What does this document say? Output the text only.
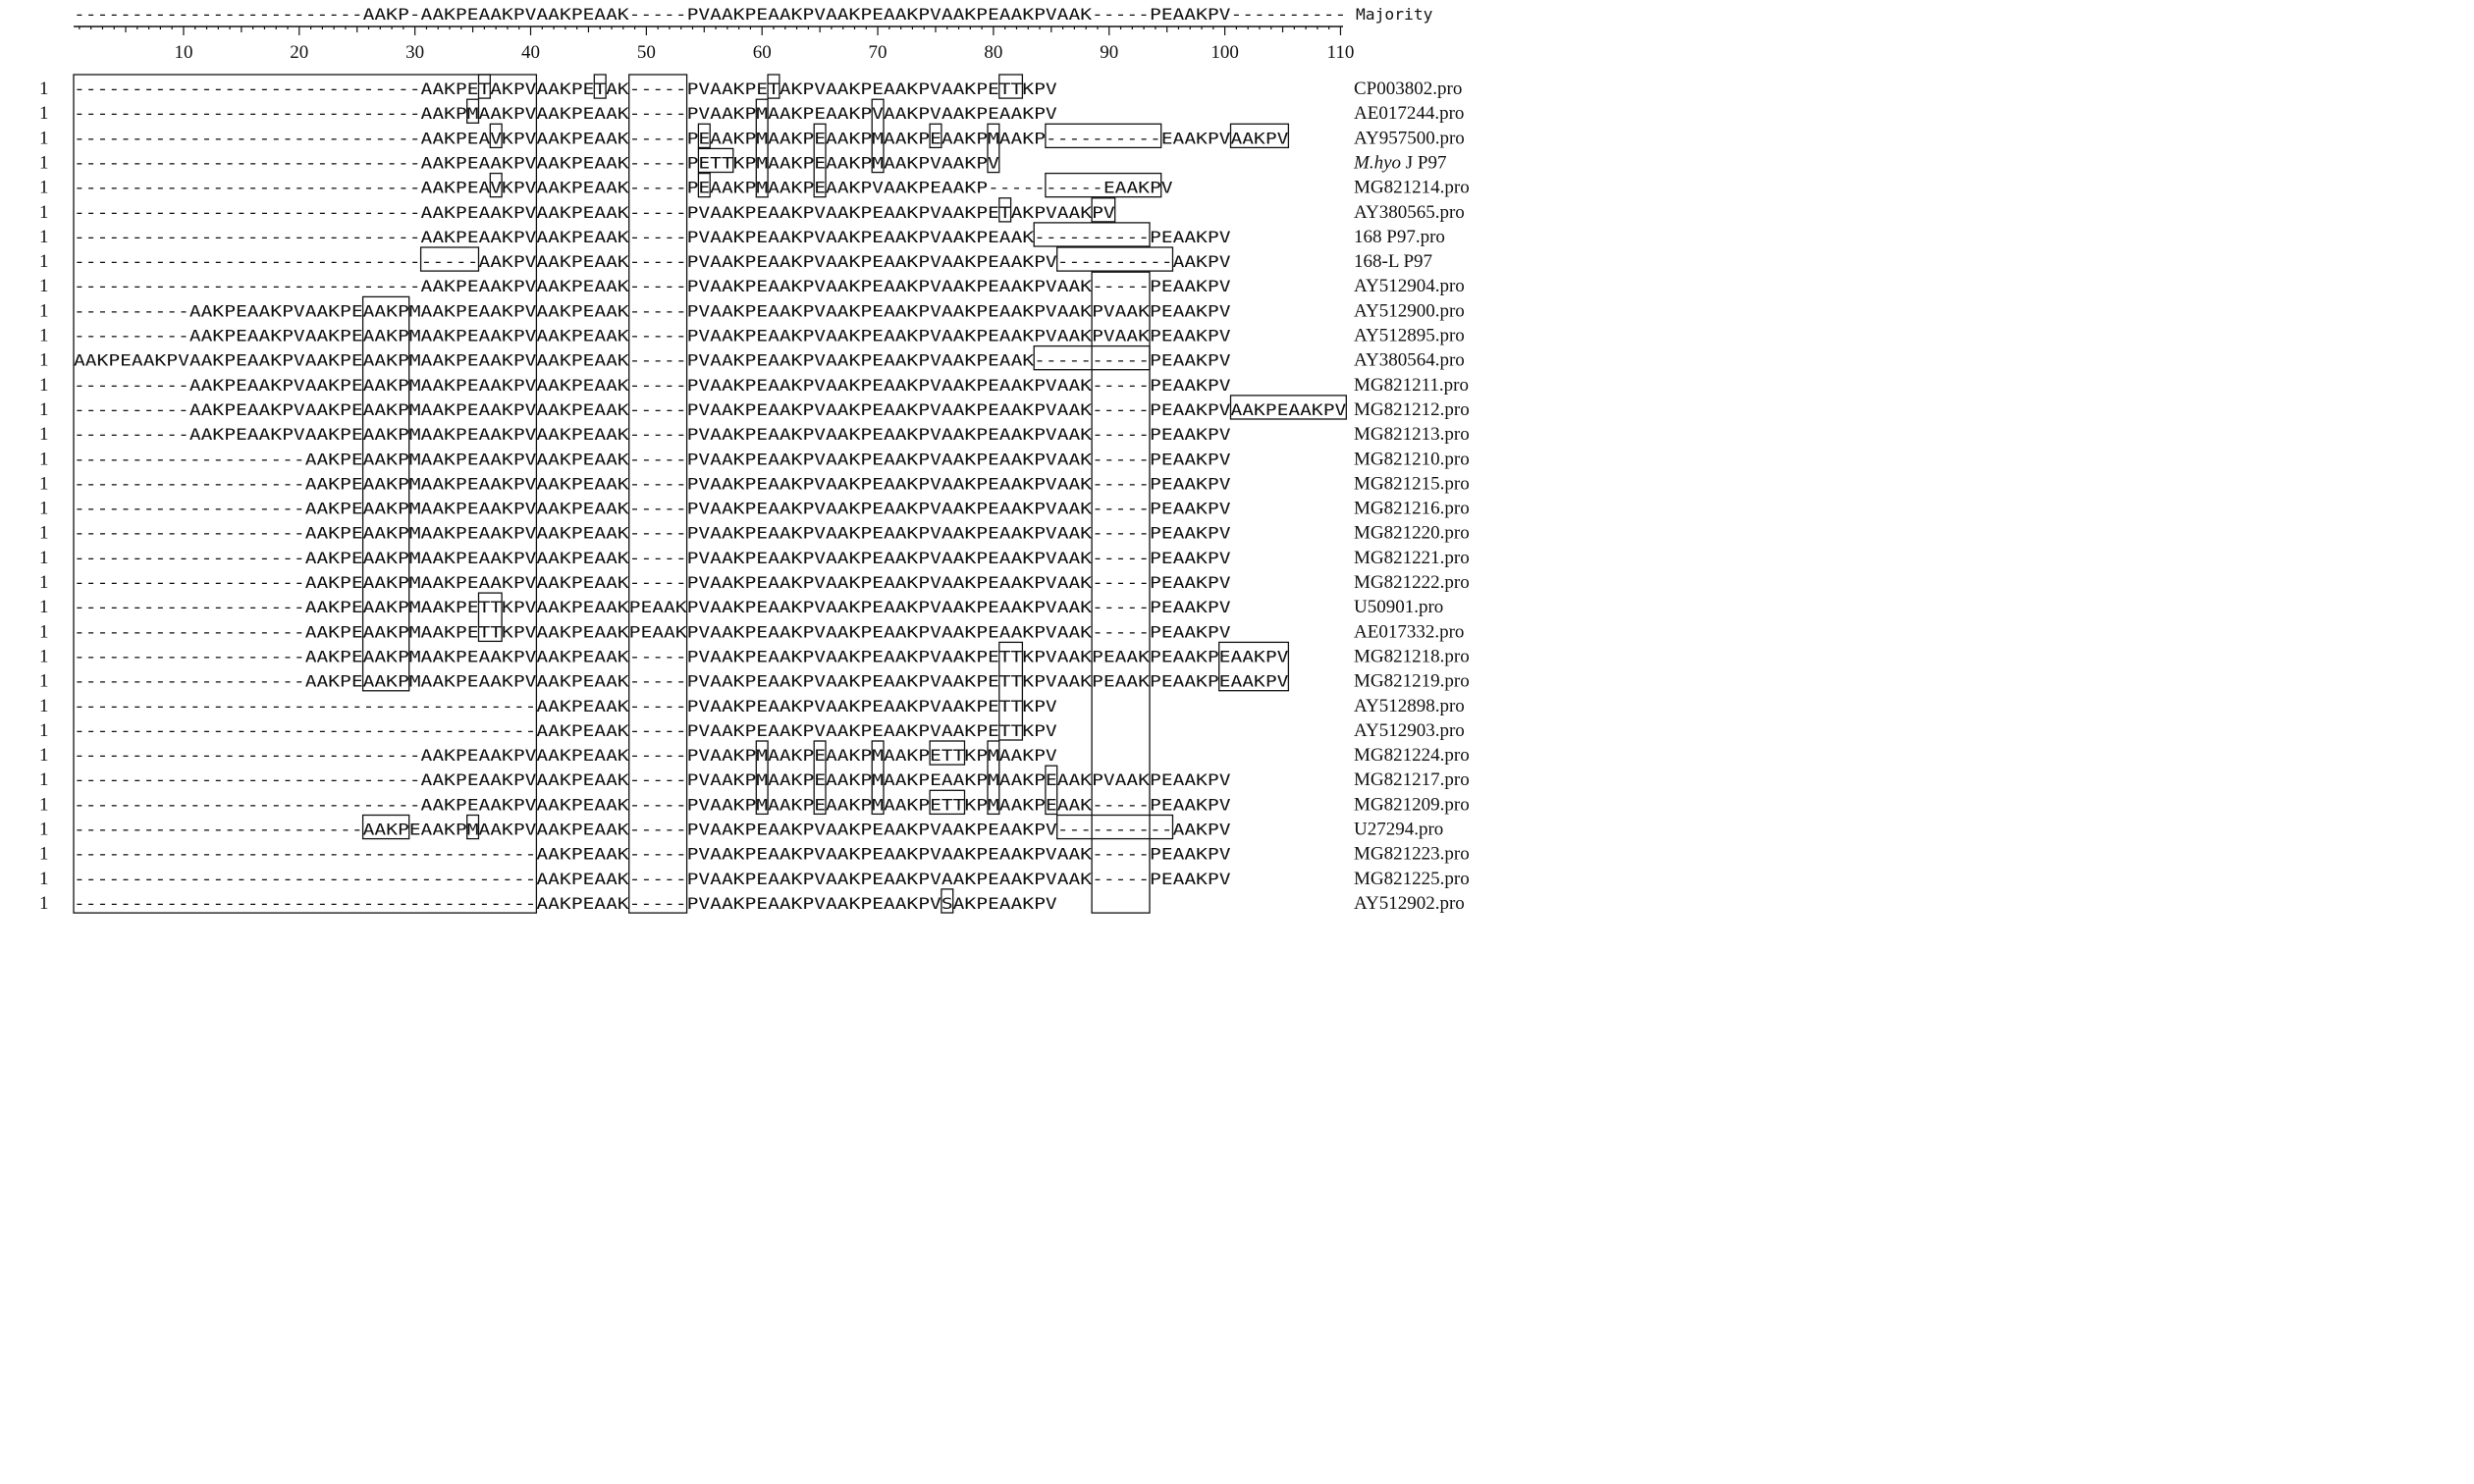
-------------------------AAKP-AAKPEAAKPVAAKPEAAK-----PVAAKPEAAKPVAAKPEAAKPVAAKPEAAKPVAAK-----PEAAKPV---------- Majority
10	20	30	40	50	60	70	80	90	100	110
1 ------------------------------AAKPETAKPVAAKPETAK-----PVAAKPETAKPVAAKPEAAKPVAAKPETTKPV	CP003802.pro
1 ------------------------------AAKPMAAKPVAAKPEAAK-----PVAAKPMAAKPEAAKPVAAKPVAAKPEAAKPV	AE017244.pro
1 ------------------------------AAKPEAVKPVAAKPEAAK-----PEAAKPMAAKPEAAKPMAAKPEAAKPMAAKP----------EAAKPVAAKPV	AY957500.pro
1 ------------------------------AAKPEAAKPVAAKPEAAK-----PETTKPMAAKPEAAKPMAAKPVAAKPV	M.hyo J P97
1 ------------------------------AAKPEAVKPVAAKPEAAK-----PEAAKPMAAKPEAAKPVAAKPEAAKP----------EAAKPV	MG821214.pro
1 ------------------------------AAKPEAAKPVAAKPEAAK-----PVAAKPEAAKPVAAKPEAAKPVAAKPETAKPVAAKPV	AY380565.pro
1 ------------------------------AAKPEAAKPVAAKPEAAK-----PVAAKPEAAKPVAAKPEAAKPVAAKPEAAK----------PEAAKPV	168 P97.pro
1 -----------------------------------AAKPVAAKPEAAK-----PVAAKPEAAKPVAAKPEAAKPVAAKPEAAKPV----------AAKPV	168-L P97
1 ------------------------------AAKPEAAKPVAAKPEAAK-----PVAAKPEAAKPVAAKPEAAKPVAAKPEAAKPVAAK-----PEAAKPV	AY512904.pro
1 ----------AAKPEAAKPVAAKPEAAKPMAAKPEAAKPVAAKPEAAK-----PVAAKPEAAKPVAAKPEAAKPVAAKPEAAKPVAAKPVAAKPEAAKPV	AY512900.pro
1 ----------AAKPEAAKPVAAKPEAAKPMAAKPEAAKPVAAKPEAAK-----PVAAKPEAAKPVAAKPEAAKPVAAKPEAAKPVAAKPVAAKPEAAKPV	AY512895.pro
1 AAKPEAAKPVAAKPEAAKPVAAKPEAAKPMAAKPEAAKPVAAKPEAAK-----PVAAKPEAAKPVAAKPEAAKPVAAKPEAAK----------PEAAKPV	AY380564.pro
1 ----------AAKPEAAKPVAAKPEAAKPMAAKPEAAKPVAAKPEAAK-----PVAAKPEAAKPVAAKPEAAKPVAAKPEAAKPVAAK-----PEAAKPV	MG821211.pro
1 ----------AAKPEAAKPVAAKPEAAKPMAAKPEAAKPVAAKPEAAK-----PVAAKPEAAKPVAAKPEAAKPVAAKPEAAKPVAAK-----PEAAKPVAAKPEAAKPV MG821212.pro
1 ----------AAKPEAAKPVAAKPEAAKPMAAKPEAAKPVAAKPEAAK-----PVAAKPEAAKPVAAKPEAAKPVAAKPEAAKPVAAK-----PEAAKPV	MG821213.pro
1 --------------------AAKPEAAKPMAAKPEAAKPVAAKPEAAK-----PVAAKPEAAKPVAAKPEAAKPVAAKPEAAKPVAAK-----PEAAKPV	MG821210.pro
1 --------------------AAKPEAAKPMAAKPEAAKPVAAKPEAAK-----PVAAKPEAAKPVAAKPEAAKPVAAKPEAAKPVAAK-----PEAAKPV	MG821215.pro
1 --------------------AAKPEAAKPMAAKPEAAKPVAAKPEAAK-----PVAAKPEAAKPVAAKPEAAKPVAAKPEAAKPVAAK-----PEAAKPV	MG821216.pro
1 --------------------AAKPEAAKPMAAKPEAAKPVAAKPEAAK-----PVAAKPEAAKPVAAKPEAAKPVAAKPEAAKPVAAK-----PEAAKPV	MG821220.pro
1 --------------------AAKPEAAKPMAAKPEAAKPVAAKPEAAK-----PVAAKPEAAKPVAAKPEAAKPVAAKPEAAKPVAAK-----PEAAKPV	MG821221.pro
1 --------------------AAKPEAAKPMAAKPEAAKPVAAKPEAAK-----PVAAKPEAAKPVAAKPEAAKPVAAKPEAAKPVAAK-----PEAAKPV	MG821222.pro
1 --------------------AAKPEAAKPMAAKPETTKPVAAKPEAAKPEAAKPVAAKPEAAKPVAAKPEAAKPVAAKPEAAKPVAAK-----PEAAKPV	U50901.pro
1 --------------------AAKPEAAKPMAAKPETTKPVAAKPEAAKPEAAKPVAAKPEAAKPVAAKPEAAKPVAAKPEAAKPVAAK-----PEAAKPV	AE017332.pro
1 --------------------AAKPEAAKPMAAKPEAAKPVAAKPEAAK-----PVAAKPEAAKPVAAKPEAAKPVAAKPETTKPVAAKPEAAKPEAAKPEAAKPV	MG821218.pro
1 --------------------AAKPEAAKPMAAKPEAAKPVAAKPEAAK-----PVAAKPEAAKPVAAKPEAAKPVAAKPETTKPVAAKPEAAKPEAAKPEAAKPV	MG821219.pro
1 ----------------------------------------AAKPEAAK-----PVAAKPEAAKPVAAKPEAAKPVAAKPETTKPV	AY512898.pro
1 ----------------------------------------AAKPEAAK-----PVAAKPEAAKPVAAKPEAAKPVAAKPETTKPV	AY512903.pro
1 ------------------------------AAKPEAAKPVAAKPEAAK-----PVAAKPMAAKPEAAKPMAAKPETTKPMAAKPV	MG821224.pro
1 ------------------------------AAKPEAAKPVAAKPEAAK-----PVAAKPMAAKPEAAKPMAAKPEAAKPMAAKPEAAKPVAAKPEAAKPV	MG821217.pro
1 ------------------------------AAKPEAAKPVAAKPEAAK-----PVAAKPMAAKPEAAKPMAAKPETTKPMAAKPEAAK-----PEAAKPV	MG821209.pro
1 -------------------------AAKPEAAKPMAAKPVAAKPEAAK-----PVAAKPEAAKPVAAKPEAAKPVAAKPEAAKPV----------AAKPV	U27294.pro
1 ----------------------------------------AAKPEAAK-----PVAAKPEAAKPVAAKPEAAKPVAAKPEAAKPVAAK-----PEAAKPV	MG821223.pro
1 ----------------------------------------AAKPEAAK-----PVAAKPEAAKPVAAKPEAAKPVAAKPEAAKPVAAK-----PEAAKPV	MG821225.pro
1 ----------------------------------------AAKPEAAK-----PVAAKPEAAKPVAAKPEAAKPVSAKPEAAKPV	AY512902.pro
